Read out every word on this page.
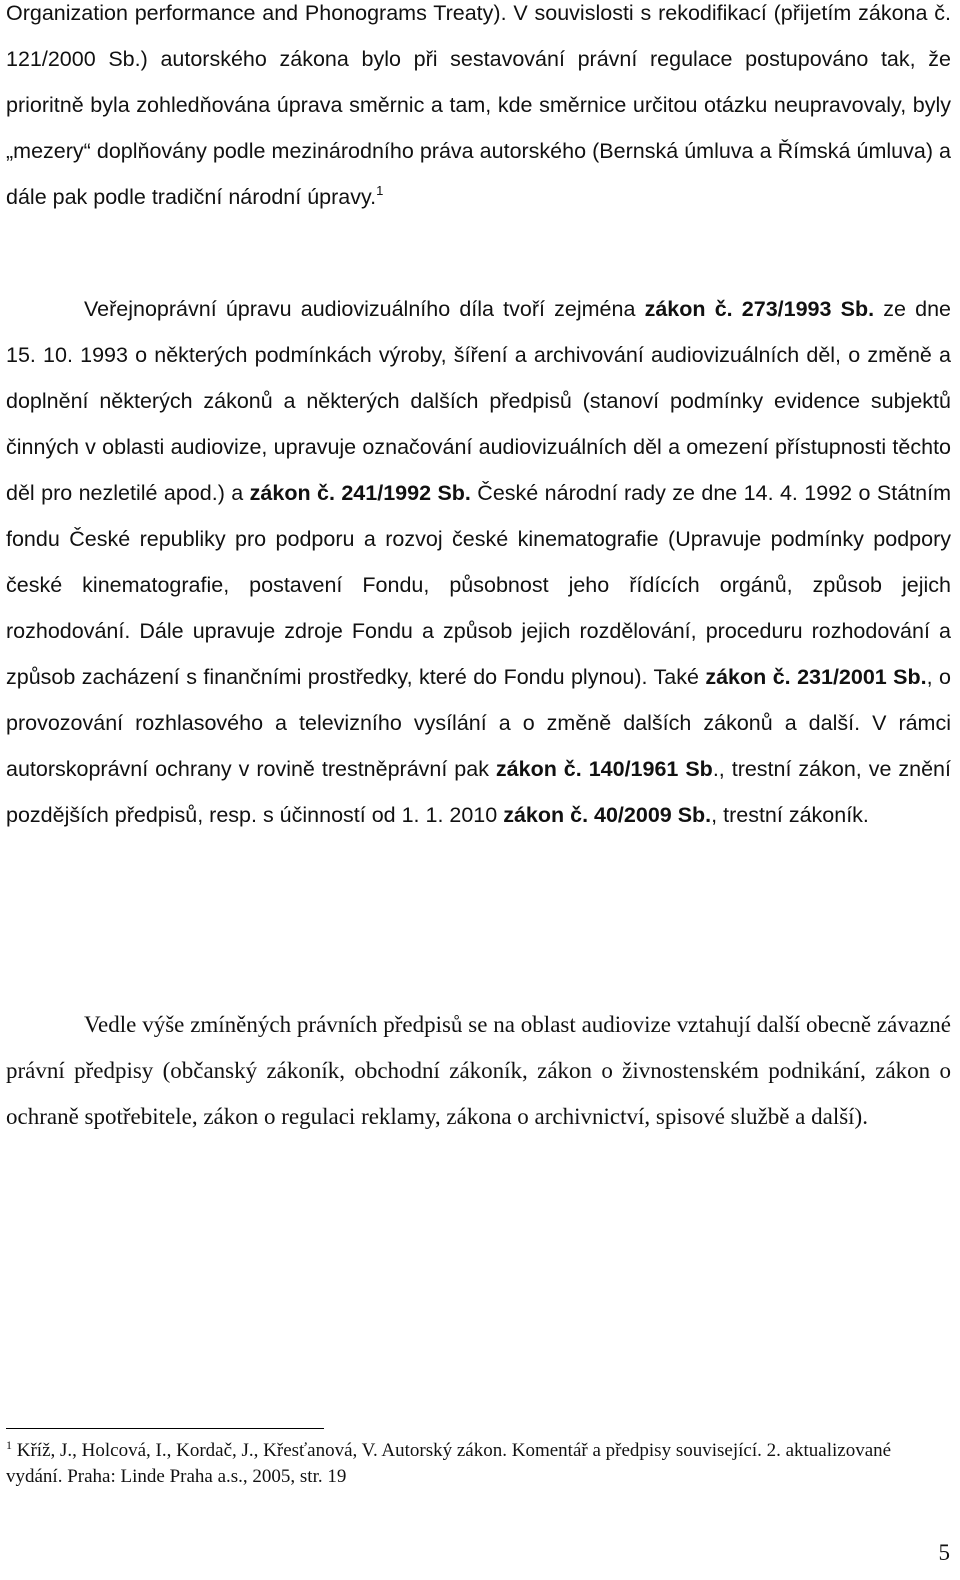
Organization performance and Phonograms Treaty). V souvislosti s rekodifikací (přijetím zákona č. 121/2000 Sb.) autorského zákona bylo při sestavování právní regulace postupováno tak, že prioritně byla zohledňována úprava směrnic a tam, kde směrnice určitou otázku neupravovaly, byly „mezery“ doplňovány podle mezinárodního práva autorského (Bernská úmluva a Římská úmluva) a dále pak podle tradiční národní úpravy.$^1$

Veřejnoprávní úpravu audiovizuálního díla tvoří zejména zákon č. 273/1993 Sb. ze dne 15. 10. 1993 o některých podmínkách výroby, šíření a archivování audiovizuálních děl, o změně a doplnění některých zákonů a některých dalších předpisů (stanoví podmínky evidence subjektů činných v oblasti audiovize, upravuje označování audiovizuálních děl a omezení přístupnosti těchto děl pro nezletilé apod.) a zákon č. 241/1992 Sb. České národní rady ze dne 14. 4. 1992 o Státním fondu České republiky pro podporu a rozvoj české kinematografie (Upravuje podmínky podpory české kinematografie, postavení Fondu, působnost jeho řídících orgánů, způsob jejich rozhodování. Dále upravuje zdroje Fondu a způsob jejich rozdělování, proceduru rozhodování a způsob zacházení s finančními prostředky, které do Fondu plynou). Také zákon č. 231/2001 Sb., o provozování rozhlasového a televizního vysílání a o změně dalších zákonů a další. V rámci autorskoprávní ochrany v rovině trestněprávní pak zákon č. 140/1961 Sb., trestní zákon, ve znění pozdějších předpisů, resp. s účinností od 1. 1. 2010 zákon č. 40/2009 Sb., trestní zákoník.

Vedle výše zmíněných právních předpisů se na oblast audiovize vztahují další obecně závazné právní předpisy (občanský zákoník, obchodní zákoník, zákon o živnostenském podnikání, zákon o ochraně spotřebitele, zákon o regulaci reklamy, zákona o archivnictví, spisové službě a další).

$^1$ Kříž, J., Holcová, I., Kordač, J., Křesťanová, V. Autorský zákon. Komentář a předpisy související. 2. aktualizované vydání. Praha: Linde Praha a.s., 2005, str. 19

5
